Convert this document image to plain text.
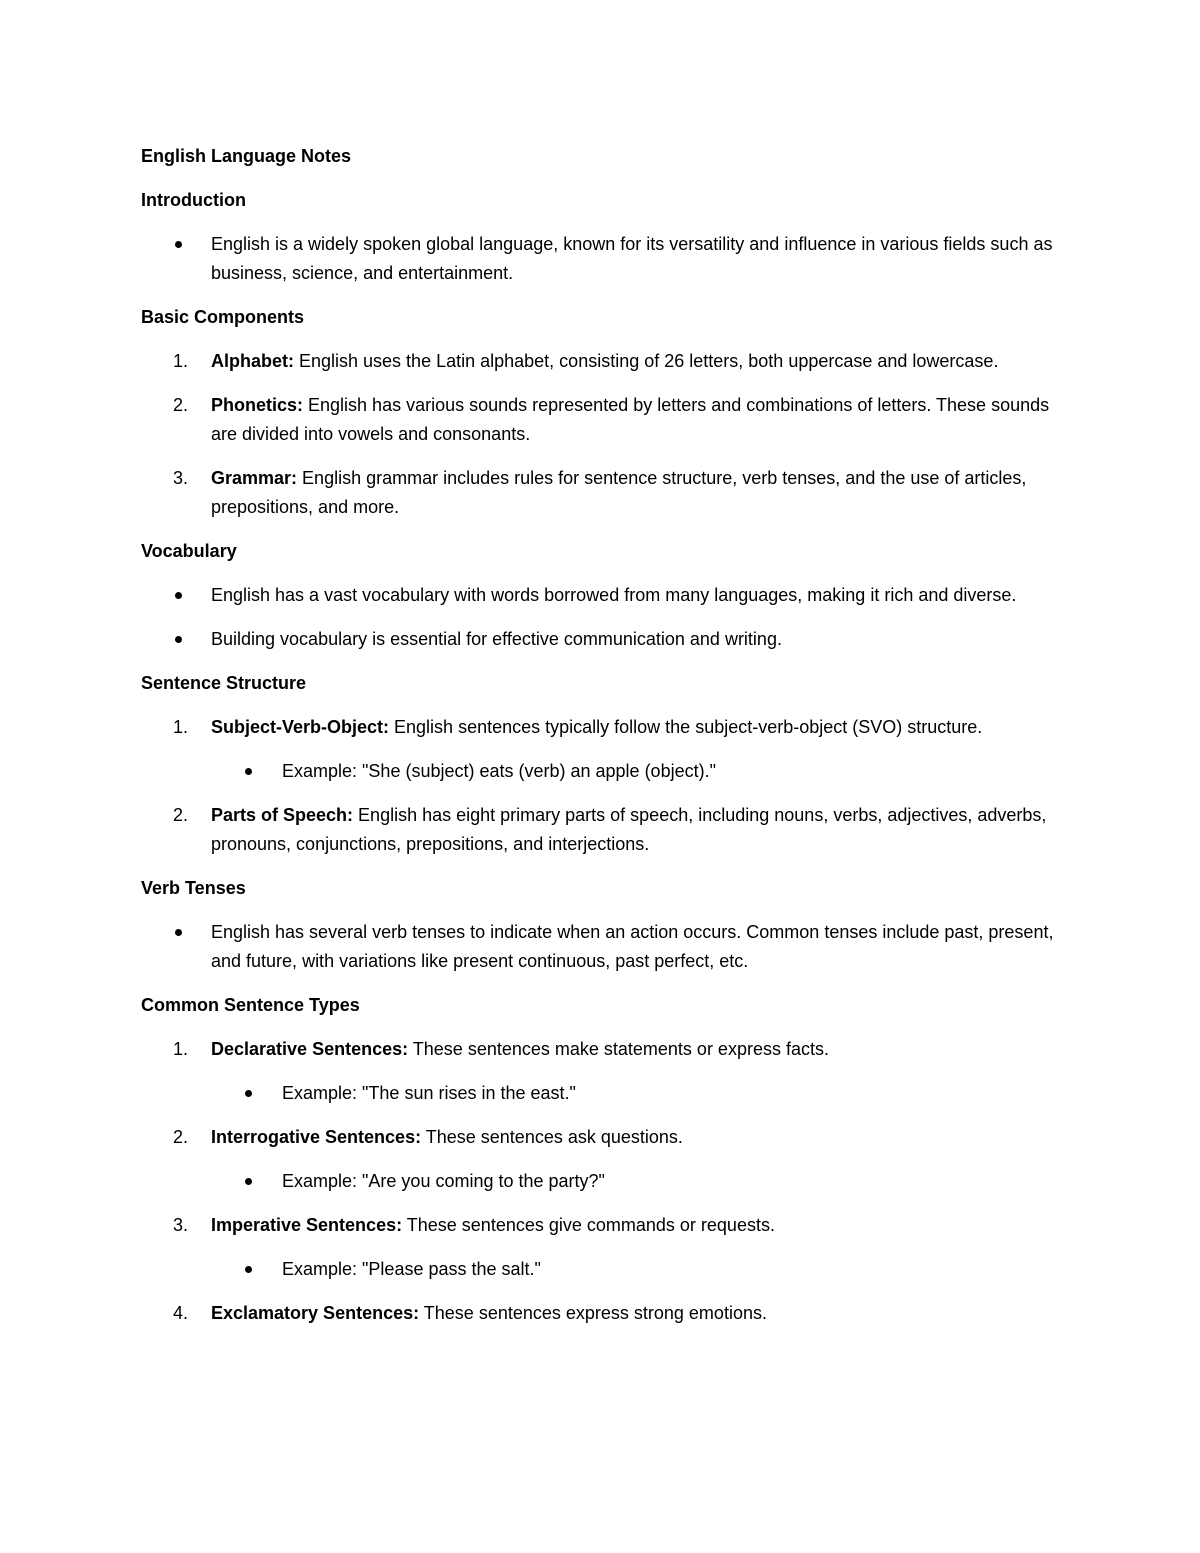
English Language Notes
Introduction
English is a widely spoken global language, known for its versatility and influence in various fields such as business, science, and entertainment.
Basic Components
1.	Alphabet: English uses the Latin alphabet, consisting of 26 letters, both uppercase and lowercase.
2.	Phonetics: English has various sounds represented by letters and combinations of letters. These sounds are divided into vowels and consonants.
3.	Grammar: English grammar includes rules for sentence structure, verb tenses, and the use of articles, prepositions, and more.
Vocabulary
English has a vast vocabulary with words borrowed from many languages, making it rich and diverse.
Building vocabulary is essential for effective communication and writing.
Sentence Structure
1.	Subject-Verb-Object: English sentences typically follow the subject-verb-object (SVO) structure.
Example: "She (subject) eats (verb) an apple (object)."
2.	Parts of Speech: English has eight primary parts of speech, including nouns, verbs, adjectives, adverbs, pronouns, conjunctions, prepositions, and interjections.
Verb Tenses
English has several verb tenses to indicate when an action occurs. Common tenses include past, present, and future, with variations like present continuous, past perfect, etc.
Common Sentence Types
1.	Declarative Sentences: These sentences make statements or express facts.
Example: "The sun rises in the east."
2.	Interrogative Sentences: These sentences ask questions.
Example: "Are you coming to the party?"
3.	Imperative Sentences: These sentences give commands or requests.
Example: "Please pass the salt."
4.	Exclamatory Sentences: These sentences express strong emotions.
